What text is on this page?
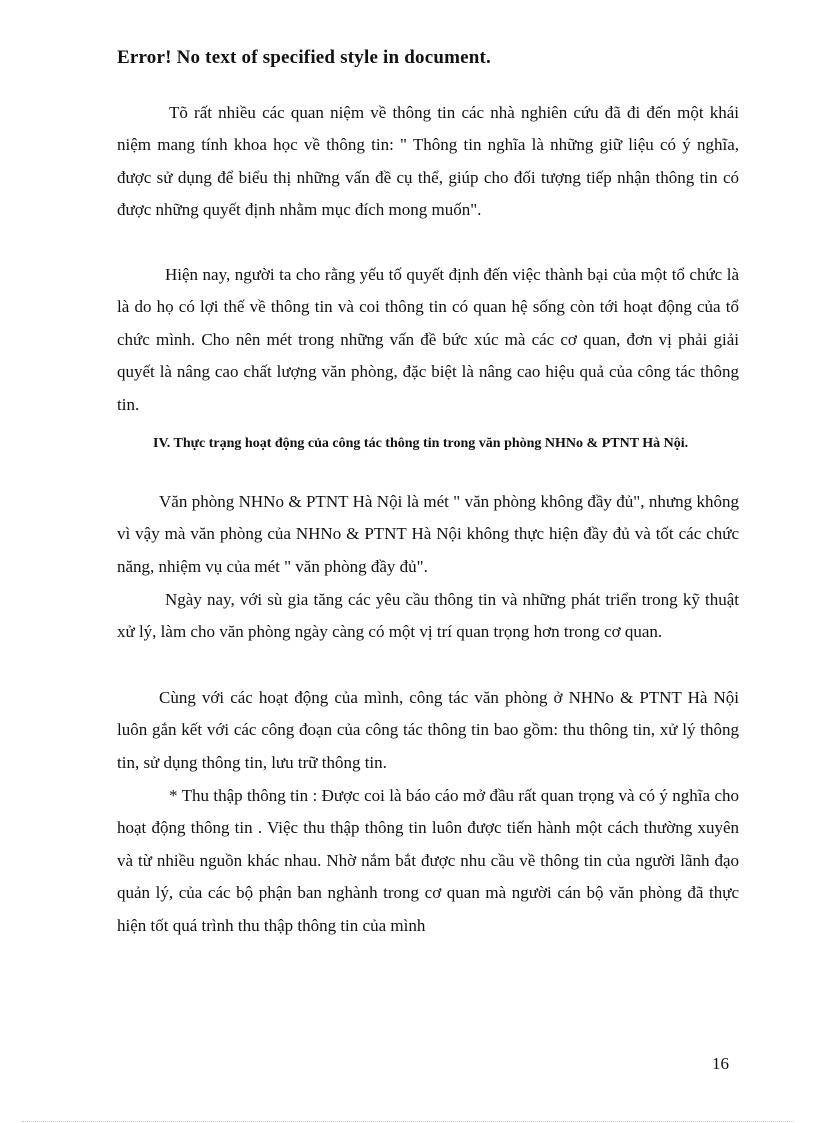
Error! No text of specified style in document.

Tõ rất nhiều các quan niệm về thông tin các nhà nghiên cứu đã đi đến một khái niệm mang tính khoa học về thông tin: " Thông tin nghĩa là những giữ liệu có ý nghĩa, được sử dụng để biểu thị những vấn đề cụ thể, giúp cho đối tượng tiếp nhận thông tin có được những quyết định nhằm mục đích mong muốn".

Hiện nay, người ta cho rằng yếu tố quyết định đến việc thành bại của một tổ chức là là do họ có lợi thế về thông tin và coi thông tin có quan hệ sống còn tới hoạt động của tổ chức mình. Cho nên mét trong những vấn đề bức xúc mà các cơ quan, đơn vị phải giải quyết là nâng cao chất lượng văn phòng, đặc biệt là nâng cao hiệu quả của công tác thông tin.

IV. Thực trạng hoạt động của công tác thông tin trong văn phòng NHNo & PTNT Hà Nội.

Văn phòng NHNo & PTNT Hà Nội là mét " văn phòng không đầy đủ", nhưng không vì vậy mà văn phòng của NHNo & PTNT Hà Nội không thực hiện đầy đủ và tốt các chức năng, nhiệm vụ của mét " văn phòng đầy đủ".

Ngày nay, với sù gia tăng các yêu cầu thông tin và những phát triển trong kỹ thuật xử lý, làm cho văn phòng ngày càng có một vị trí quan trọng hơn trong cơ quan.

Cùng với các hoạt động của mình, công tác văn phòng ở NHNo & PTNT Hà Nội luôn gắn kết với các công đoạn của công tác thông tin bao gồm: thu thông tin, xử lý thông tin, sử dụng thông tin, lưu trữ thông tin.

* Thu thập thông tin : Được coi là báo cáo mở đầu rất quan trọng và có ý nghĩa cho hoạt động thông tin . Việc thu thập thông tin luôn được tiến hành một cách thường xuyên và từ nhiều nguồn khác nhau. Nhờ nắm bắt được nhu cầu về thông tin của người lãnh đạo quản lý, của các bộ phận ban nghành trong cơ quan mà người cán bộ văn phòng đã thực hiện tốt quá trình thu thập thông tin của mình

16
